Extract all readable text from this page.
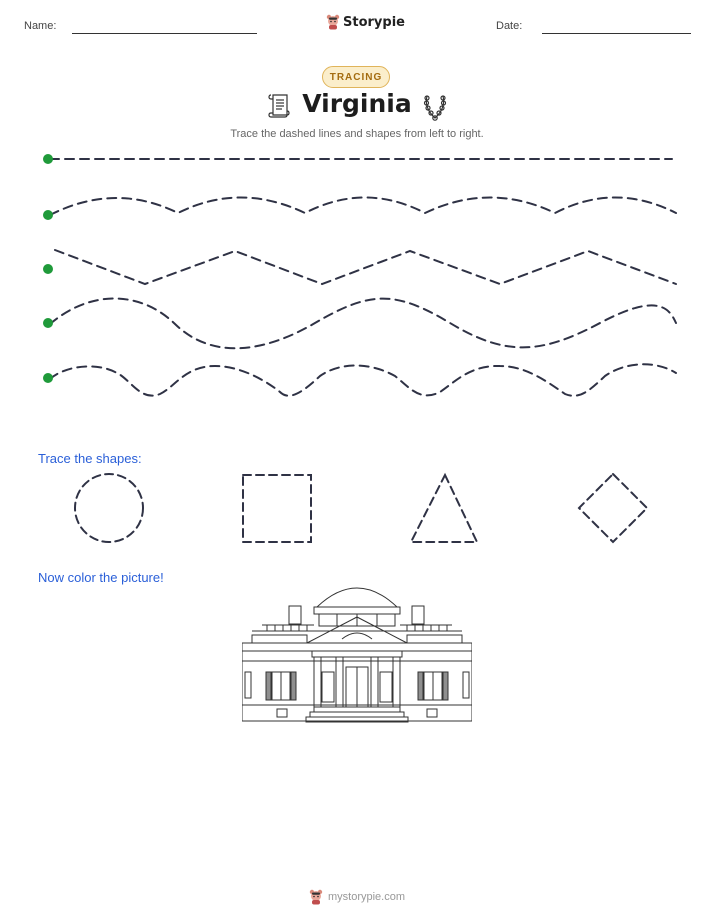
Name:	Storypie	Date:
TRACING
Virginia
Trace the dashed lines and shapes from left to right.
Trace the shapes:
Now color the picture!
mystorypie.com
